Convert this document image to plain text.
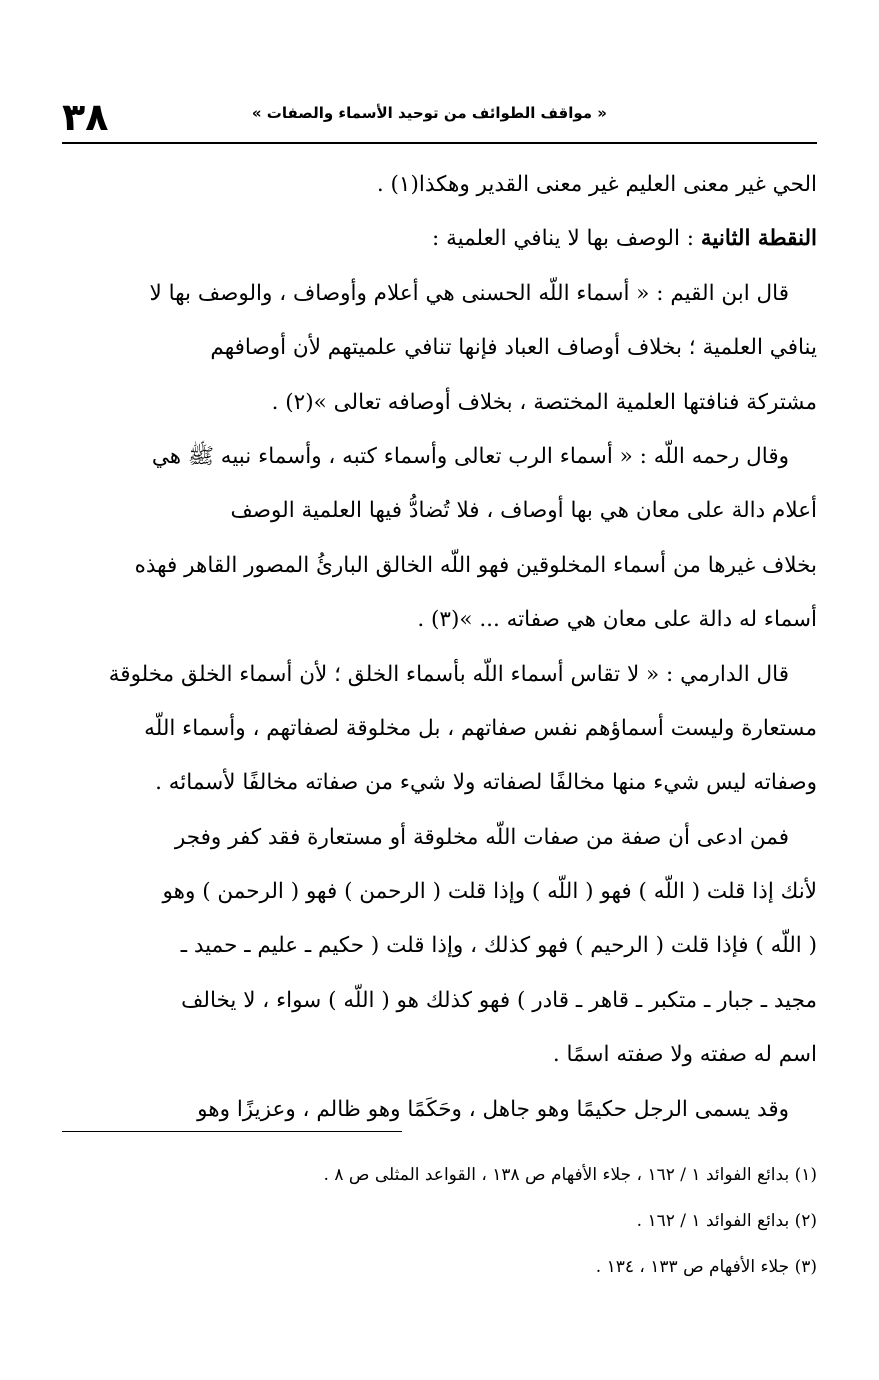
٣٨	« مواقف الطوائف من توحيد الأسماء والصفات »
الحي غير معنى العليم غير معنى القدير وهكذا(١) .
النقطة الثانية : الوصف بها لا ينافي العلمية :
قال ابن القيم : « أسماء اللّه الحسنى هي أعلام وأوصاف ، والوصف بها لا
ينافي العلمية ؛ بخلاف أوصاف العباد فإنها تنافي علميتهم لأن أوصافهم
مشتركة فنافتها العلمية المختصة ، بخلاف أوصافه تعالى »(٢) .
وقال رحمه اللّه : « أسماء الرب تعالى وأسماء كتبه ، وأسماء نبيه ﷺ هي
أعلام دالة على معان هي بها أوصاف ، فلا تُضادُّ فيها العلمية الوصف
بخلاف غيرها من أسماء المخلوقين فهو اللّه الخالق البارئُ المصور القاهر فهذه
أسماء له دالة على معان هي صفاته ... »(٣) .
قال الدارمي : « لا تقاس أسماء اللّه بأسماء الخلق ؛ لأن أسماء الخلق مخلوقة
مستعارة وليست أسماؤهم نفس صفاتهم ، بل مخلوقة لصفاتهم ، وأسماء اللّه
وصفاته ليس شيء منها مخالفًا لصفاته ولا شيء من صفاته مخالفًا لأسمائه .
فمن ادعى أن صفة من صفات اللّه مخلوقة أو مستعارة فقد كفر وفجر
لأنك إذا قلت ( اللّه ) فهو ( اللّه ) وإذا قلت ( الرحمن ) فهو ( الرحمن ) وهو
( اللّه ) فإذا قلت ( الرحيم ) فهو كذلك ، وإذا قلت ( حكيم ـ عليم ـ حميد ـ
مجيد ـ جبار ـ متكبر ـ قاهر ـ قادر ) فهو كذلك هو ( اللّه ) سواء ، لا يخالف
اسم له صفته ولا صفته اسمًا .
وقد يسمى الرجل حكيمًا وهو جاهل ، وحَكَمًا وهو ظالم ، وعزيزًا وهو
(١) بدائع الفوائد ١ / ١٦٢ ، جلاء الأفهام ص ١٣٨ ، القواعد المثلى ص ٨ .
(٢) بدائع الفوائد ١ / ١٦٢ .
(٣) جلاء الأفهام ص ١٣٣ ، ١٣٤ .
